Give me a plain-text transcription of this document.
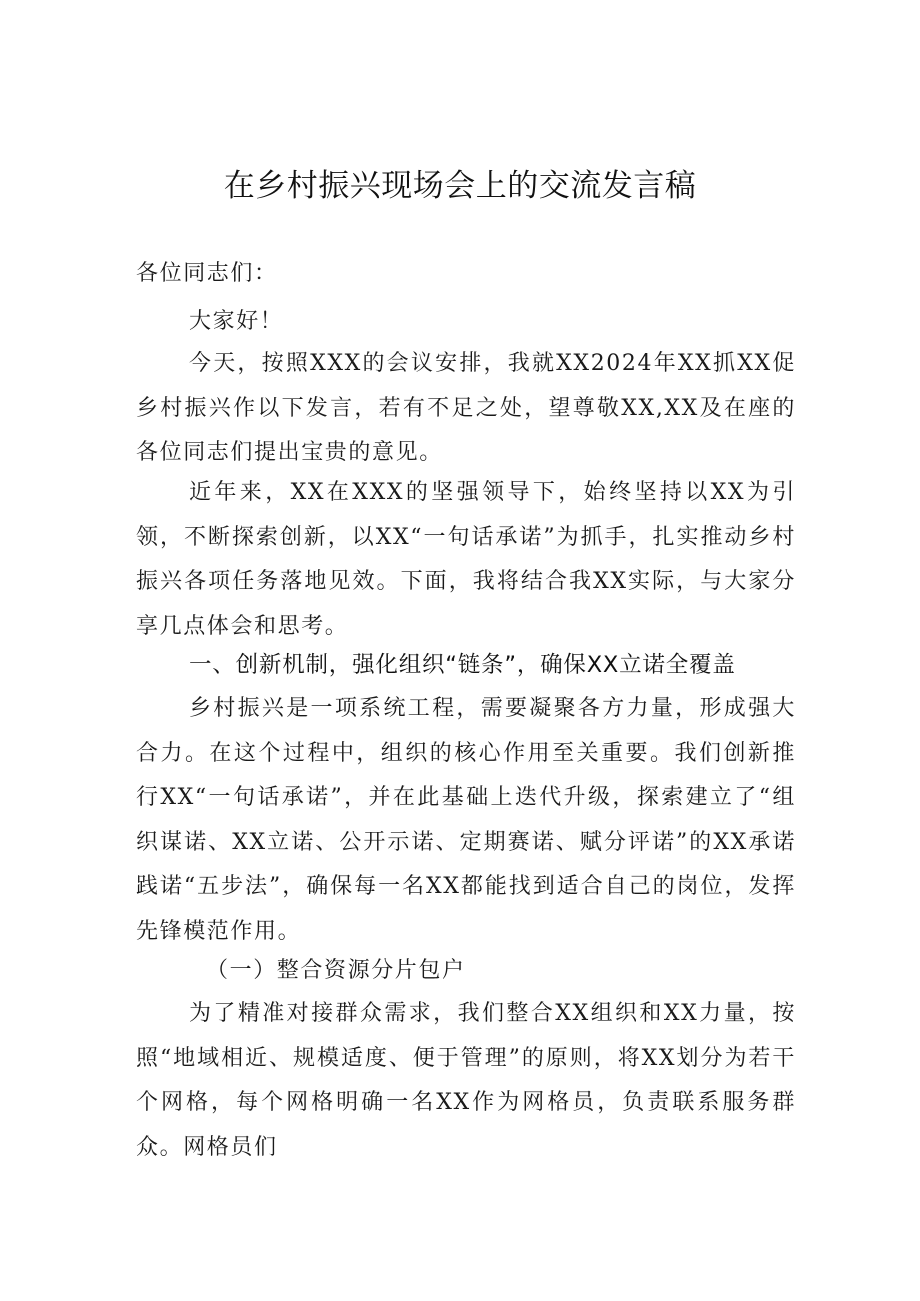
在乡村振兴现场会上的交流发言稿
各位同志们：
大家好！
今天，按照XXX的会议安排，我就XX2024年XX抓XX促乡村振兴作以下发言，若有不足之处，望尊敬XX,XX及在座的各位同志们提出宝贵的意见。
近年来，XX在XXX的坚强领导下，始终坚持以XX为引领，不断探索创新，以XX“一句话承诺”为抓手，扎实推动乡村振兴各项任务落地见效。下面，我将结合我XX实际，与大家分享几点体会和思考。
一、创新机制，强化组织“链条”，确保XX立诺全覆盖
乡村振兴是一项系统工程，需要凝聚各方力量，形成强大合力。在这个过程中，组织的核心作用至关重要。我们创新推行XX“一句话承诺”，并在此基础上迭代升级，探索建立了“组织谋诺、XX立诺、公开示诺、定期赛诺、赋分评诺”的XX承诺践诺“五步法”，确保每一名XX都能找到适合自己的岗位，发挥先锋模范作用。
（一）整合资源分片包户
为了精准对接群众需求，我们整合XX组织和XX力量，按照“地域相近、规模适度、便于管理”的原则，将XX划分为若干个网格，每个网格明确一名XX作为网格员，负责联系服务群众。网格员们
